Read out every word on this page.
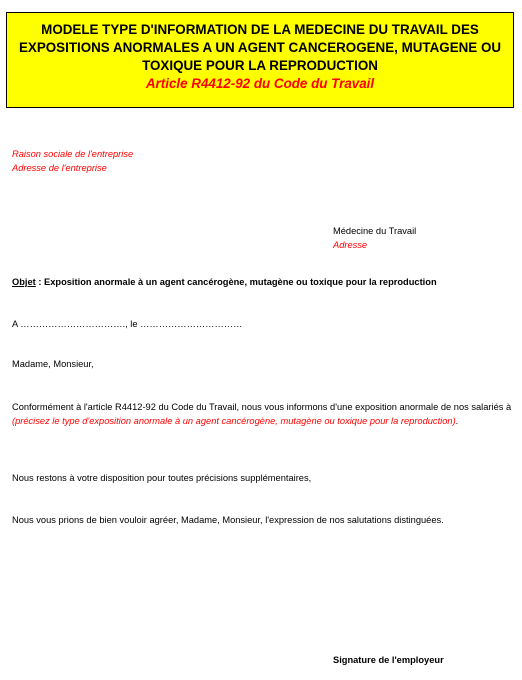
MODELE TYPE D'INFORMATION DE LA MEDECINE DU TRAVAIL DES EXPOSITIONS ANORMALES A UN AGENT CANCEROGENE, MUTAGENE OU TOXIQUE POUR LA REPRODUCTION

Article R4412-92 du Code du Travail

Raison sociale de l'entreprise
Adresse de l'entreprise
Médecine du Travail
Adresse
Objet : Exposition anormale à un agent cancérogène, mutagène ou toxique pour la reproduction
A ……………………………., le ……………………………
Madame, Monsieur,
Conformément à l'article R4412-92 du Code du Travail, nous vous informons d'une exposition anormale de nos salariés à (précisez le type d'exposition anormale à un agent cancérogène, mutagène ou toxique pour la reproduction).
Nous restons à votre disposition pour toutes précisions supplémentaires,
Nous vous prions de bien vouloir agréer, Madame, Monsieur, l'expression de nos salutations distinguées.
Signature de l'employeur
